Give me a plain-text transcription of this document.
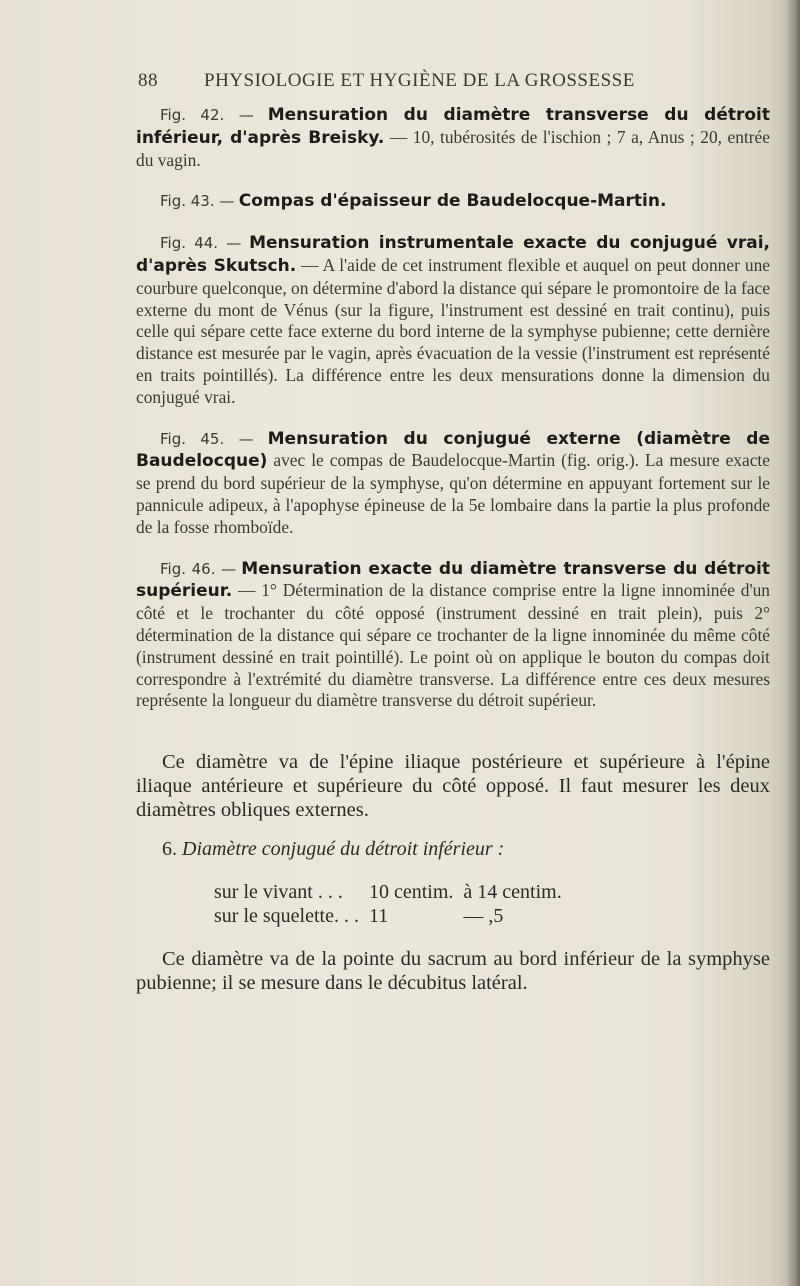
88 PHYSIOLOGIE ET HYGIÈNE DE LA GROSSESSE

Fig. 42. — Mensuration du diamètre transverse du détroit inférieur, d'après Breisky. — 10, tubérosités de l'ischion ; 7 a, Anus ; 20, entrée du vagin.

Fig. 43. — Compas d'épaisseur de Baudelocque-Martin.

Fig. 44. — Mensuration instrumentale exacte du conjugué vrai, d'après Skutsch. — A l'aide de cet instrument flexible et auquel on peut donner une courbure quelconque, on détermine d'abord la distance qui sépare le promontoire de la face externe du mont de Vénus (sur la figure, l'instrument est dessiné en trait continu), puis celle qui sépare cette face externe du bord interne de la symphyse pubienne; cette dernière distance est mesurée par le vagin, après évacuation de la vessie (l'instrument est représenté en traits pointillés). La différence entre les deux mensurations donne la dimension du conjugué vrai.

Fig. 45. — Mensuration du conjugué externe (diamètre de Baudelocque) avec le compas de Baudelocque-Martin (fig. orig.). La mesure exacte se prend du bord supérieur de la symphyse, qu'on détermine en appuyant fortement sur le pannicule adipeux, à l'apophyse épineuse de la 5e lombaire dans la partie la plus profonde de la fosse rhomboïde.

Fig. 46. — Mensuration exacte du diamètre transverse du détroit supérieur. — 1° Détermination de la distance comprise entre la ligne innominée d'un côté et le trochanter du côté opposé (instrument dessiné en trait plein), puis 2° détermination de la distance qui sépare ce trochanter de la ligne innominée du même côté (instrument dessiné en trait pointillé). Le point où on applique le bouton du compas doit correspondre à l'extrémité du diamètre transverse. La différence entre ces deux mesures représente la longueur du diamètre transverse du détroit supérieur.

Ce diamètre va de l'épine iliaque postérieure et supérieure à l'épine iliaque antérieure et supérieure du côté opposé. Il faut mesurer les deux diamètres obliques externes.

6. Diamètre conjugué du détroit inférieur :
sur le vivant . . .	10 centim.	à 14 centim.
sur le squelette. . .	11	— ,5

Ce diamètre va de la pointe du sacrum au bord inférieur de la symphyse pubienne; il se mesure dans le décubitus latéral.
